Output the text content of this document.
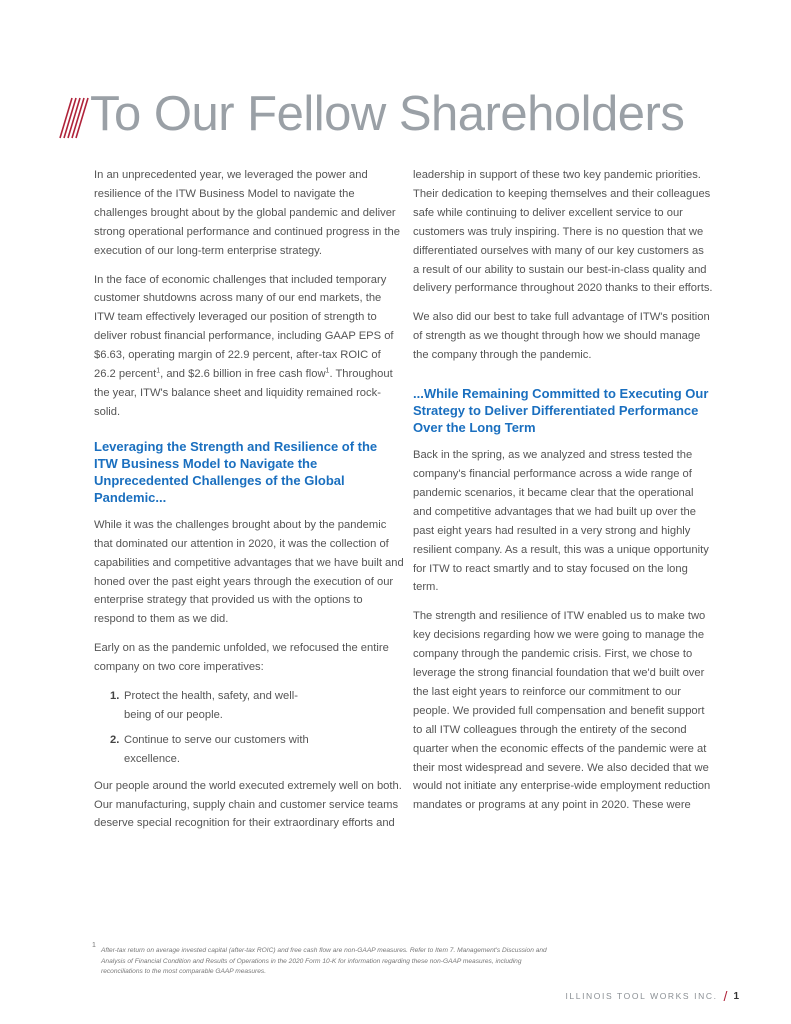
To Our Fellow Shareholders

In an unprecedented year, we leveraged the power and resilience of the ITW Business Model to navigate the challenges brought about by the global pandemic and deliver strong operational performance and continued progress in the execution of our long-term enterprise strategy.

In the face of economic challenges that included temporary customer shutdowns across many of our end markets, the ITW team effectively leveraged our position of strength to deliver robust financial performance, including GAAP EPS of $6.63, operating margin of 22.9 percent, after-tax ROIC of 26.2 percent$^1$, and $2.6 billion in free cash flow$^1$. Throughout the year, ITW's balance sheet and liquidity remained rock-solid.

Leveraging the Strength and Resilience of the ITW Business Model to Navigate the Unprecedented Challenges of the Global Pandemic...

While it was the challenges brought about by the pandemic that dominated our attention in 2020, it was the collection of capabilities and competitive advantages that we have built and honed over the past eight years through the execution of our enterprise strategy that provided us with the options to respond to them as we did.

Early on as the pandemic unfolded, we refocused the entire company on two core imperatives:

1. Protect the health, safety, and well-being of our people.
2. Continue to serve our customers with excellence.

Our people around the world executed extremely well on both. Our manufacturing, supply chain and customer service teams deserve special recognition for their extraordinary efforts and

leadership in support of these two key pandemic priorities. Their dedication to keeping themselves and their colleagues safe while continuing to deliver excellent service to our customers was truly inspiring. There is no question that we differentiated ourselves with many of our key customers as a result of our ability to sustain our best-in-class quality and delivery performance throughout 2020 thanks to their efforts.

We also did our best to take full advantage of ITW's position of strength as we thought through how we should manage the company through the pandemic.

...While Remaining Committed to Executing Our Strategy to Deliver Differentiated Performance Over the Long Term

Back in the spring, as we analyzed and stress tested the company's financial performance across a wide range of pandemic scenarios, it became clear that the operational and competitive advantages that we had built up over the past eight years had resulted in a very strong and highly resilient company. As a result, this was a unique opportunity for ITW to react smartly and to stay focused on the long term.

The strength and resilience of ITW enabled us to make two key decisions regarding how we were going to manage the company through the pandemic crisis. First, we chose to leverage the strong financial foundation that we'd built over the last eight years to reinforce our commitment to our people. We provided full compensation and benefit support to all ITW colleagues through the entirety of the second quarter when the economic effects of the pandemic were at their most widespread and severe. We also decided that we would not initiate any enterprise-wide employment reduction mandates or programs at any point in 2020. These were

1
After-tax return on average invested capital (after-tax ROIC) and free cash flow are non-GAAP measures. Refer to Item 7. Management's Discussion and Analysis of Financial Condition and Results of Operations in the 2020 Form 10-K for information regarding these non-GAAP measures, including reconciliations to the most comparable GAAP measures.
ILLINOIS TOOL WORKS INC. / 1
